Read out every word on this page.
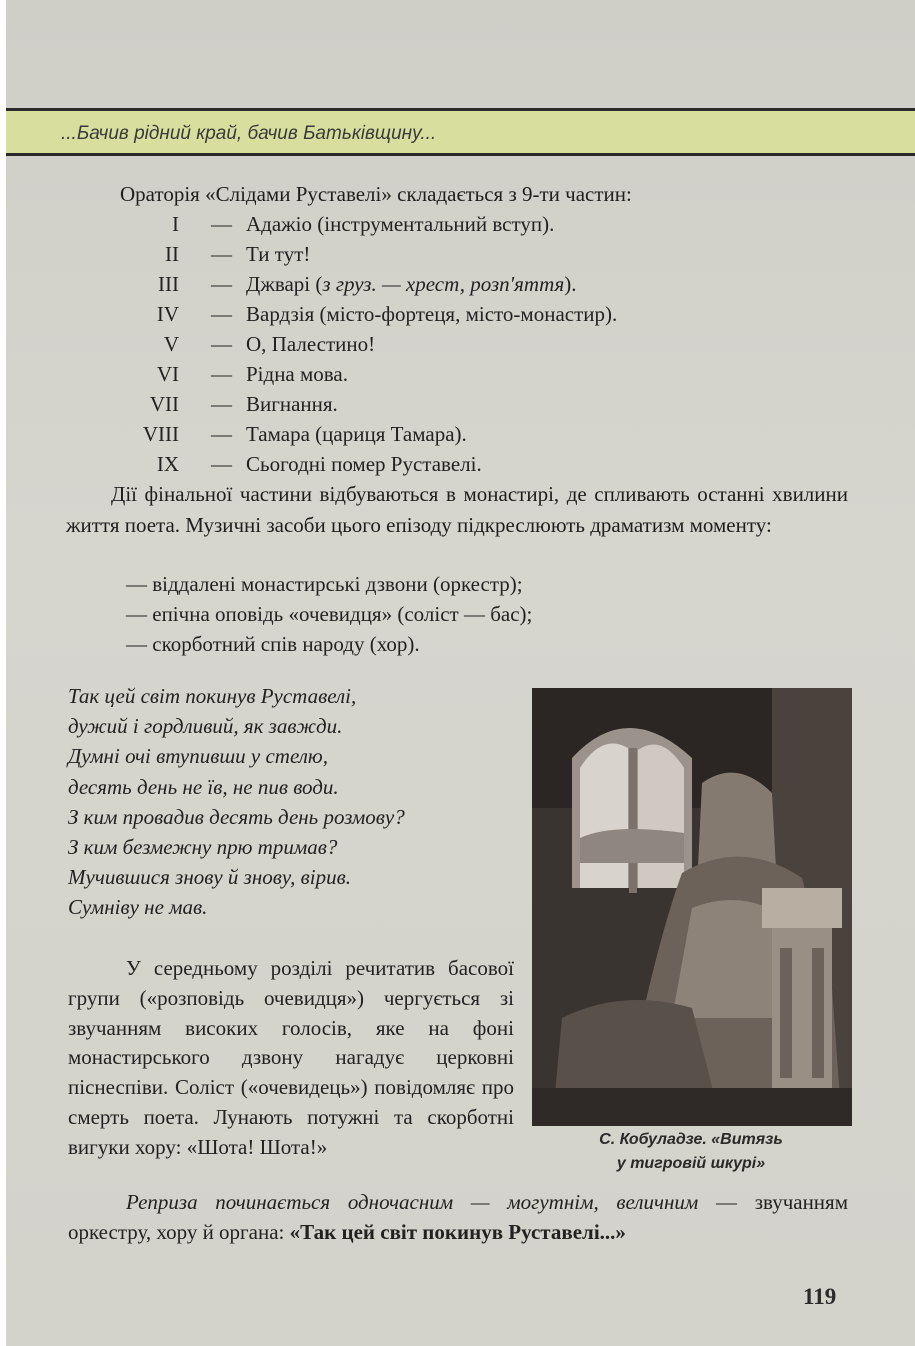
...Бачив рідний край, бачив Батьківщину...
Ораторія «Слідами Руставелі» складається з 9-ти частин:
I — Адажіо (інструментальний вступ).
II — Ти тут!
III — Джварі (з груз. — хрест, розп'яття).
IV — Вардзія (місто-фортеця, місто-монастир).
V — О, Палестино!
VI — Рідна мова.
VII — Вигнання.
VIII — Тамара (цариця Тамара).
IX — Сьогодні помер Руставелі.
Дії фінальної частини відбуваються в монастирі, де спливають останні хвилини життя поета. Музичні засоби цього епізоду підкреслюють драматизм моменту:
— віддалені монастирські дзвони (оркестр);
— епічна оповідь «очевидця» (соліст — бас);
— скорботний спів народу (хор).
Так цей світ покинув Руставелі,
дужий і гордливий, як завжди.
Думні очі втупивши у стелю,
десять день не їв, не пив води.
З ким провадив десять день розмову?
З ким безмежну прю тримав?
Мучившися знову й знову, вірив.
Сумніву не мав.
С. Кобуладзе. «Витязь
у тигровій шкурі»
У середньому розділі речитатив басової групи («розповідь очевидця») чергується зі звучанням високих голосів, яке на фоні монастирського дзвону нагадує церковні піснеспіви. Соліст («очевидець») повідомляє про смерть поета. Лунають потужні та скорботні вигуки хору: «Шота! Шота!»
Реприза починається одночасним — могутнім, величним — звучанням оркестру, хору й органа: «Так цей світ покинув Руставелі...»
119
